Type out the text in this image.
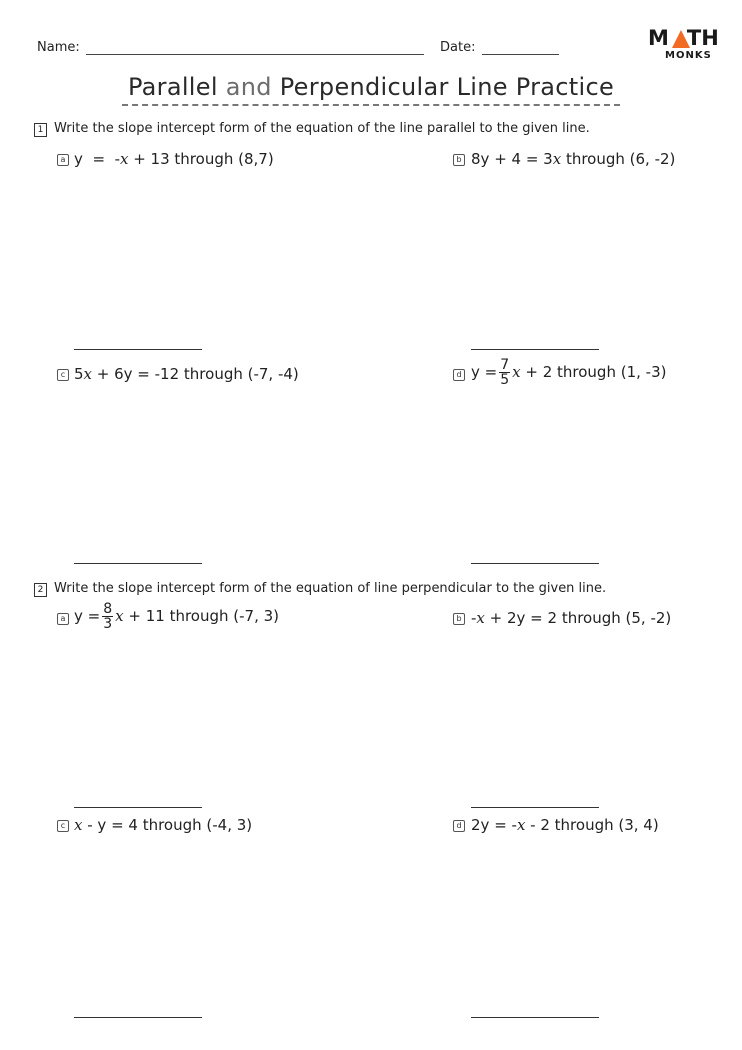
Name:	Date:	M TH
MONKS
Parallel and Perpendicular Line Practice
1 Write the slope intercept form of the equation of the line parallel to the given line.
a y = -x + 13 through (8,7)	b 8y + 4 = 3x through (6, -2)
c 5x + 6y = -12 through (-7, -4)	d $y = \frac{7}{5}$ x + 2 through (1, -3)
2 Write the slope intercept form of the equation of line perpendicular to the given line.
a $y = \frac{8}{3}$ x + 11 through (-7, 3)	b -x + 2y = 2 through (5, -2)
c x - y = 4 through (-4, 3)	d 2y = -x - 2 through (3, 4)
